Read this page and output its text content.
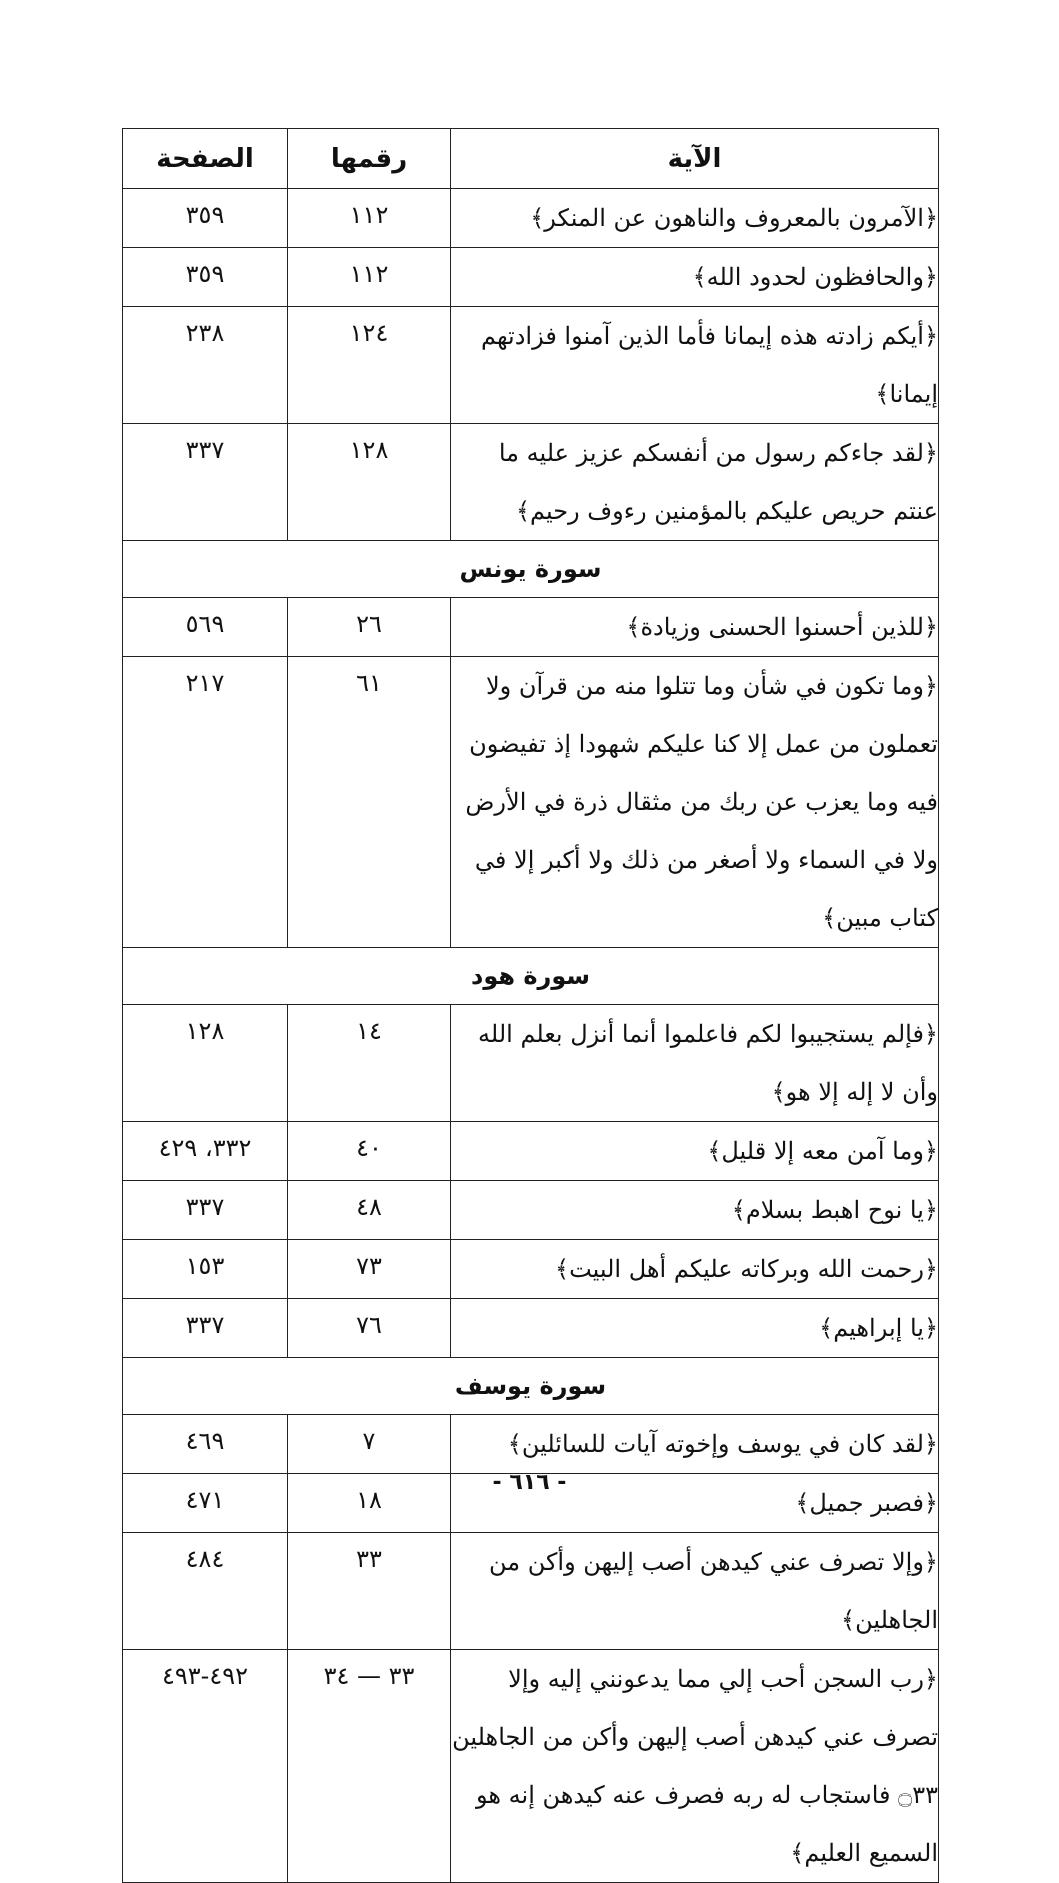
الآية	رقمها	الصفحة
﴿الآمرون بالمعروف والناهون عن المنكر﴾	١١٢	٣٥٩
﴿والحافظون لحدود الله﴾	١١٢	٣٥٩
﴿أيكم زادته هذه إيمانا فأما الذين آمنوا فزادتهم إيمانا﴾	١٢٤	٢٣٨
﴿لقد جاءكم رسول من أنفسكم عزيز عليه ما عنتم حريص عليكم بالمؤمنين رءوف رحيم﴾	١٢٨	٣٣٧
سورة يونس		
﴿للذين أحسنوا الحسنى وزيادة﴾	٢٦	٥٦٩
﴿وما تكون في شأن وما تتلوا منه من قرآن ولا تعملون من عمل إلا كنا عليكم شهودا إذ تفيضون فيه وما يعزب عن ربك من مثقال ذرة في الأرض ولا في السماء ولا أصغر من ذلك ولا أكبر إلا في كتاب مبين﴾	٦١	٢١٧
سورة هود		
﴿فإلم يستجيبوا لكم فاعلموا أنما أنزل بعلم الله وأن لا إله إلا هو﴾	١٤	١٢٨
﴿وما آمن معه إلا قليل﴾	٤٠	٣٣٢، ٤٢٩
﴿يا نوح اهبط بسلام﴾	٤٨	٣٣٧
﴿رحمت الله وبركاته عليكم أهل البيت﴾	٧٣	١٥٣
﴿يا إبراهيم﴾	٧٦	٣٣٧
سورة يوسف		
﴿لقد كان في يوسف وإخوته آيات للسائلين﴾	٧	٤٦٩
﴿فصبر جميل﴾	١٨	٤٧١
﴿وإلا تصرف عني كيدهن أصب إليهن وأكن من الجاهلين﴾	٣٣	٤٨٤
﴿رب السجن أحب إلي مما يدعونني إليه وإلا تصرف عني كيدهن أصب إليهن وأكن من الجاهلين ۝٣٣ فاستجاب له ربه فصرف عنه كيدهن إنه هو السميع العليم﴾	٣٣ — ٣٤	٤٩٢-٤٩٣
- ٦١٦ -
